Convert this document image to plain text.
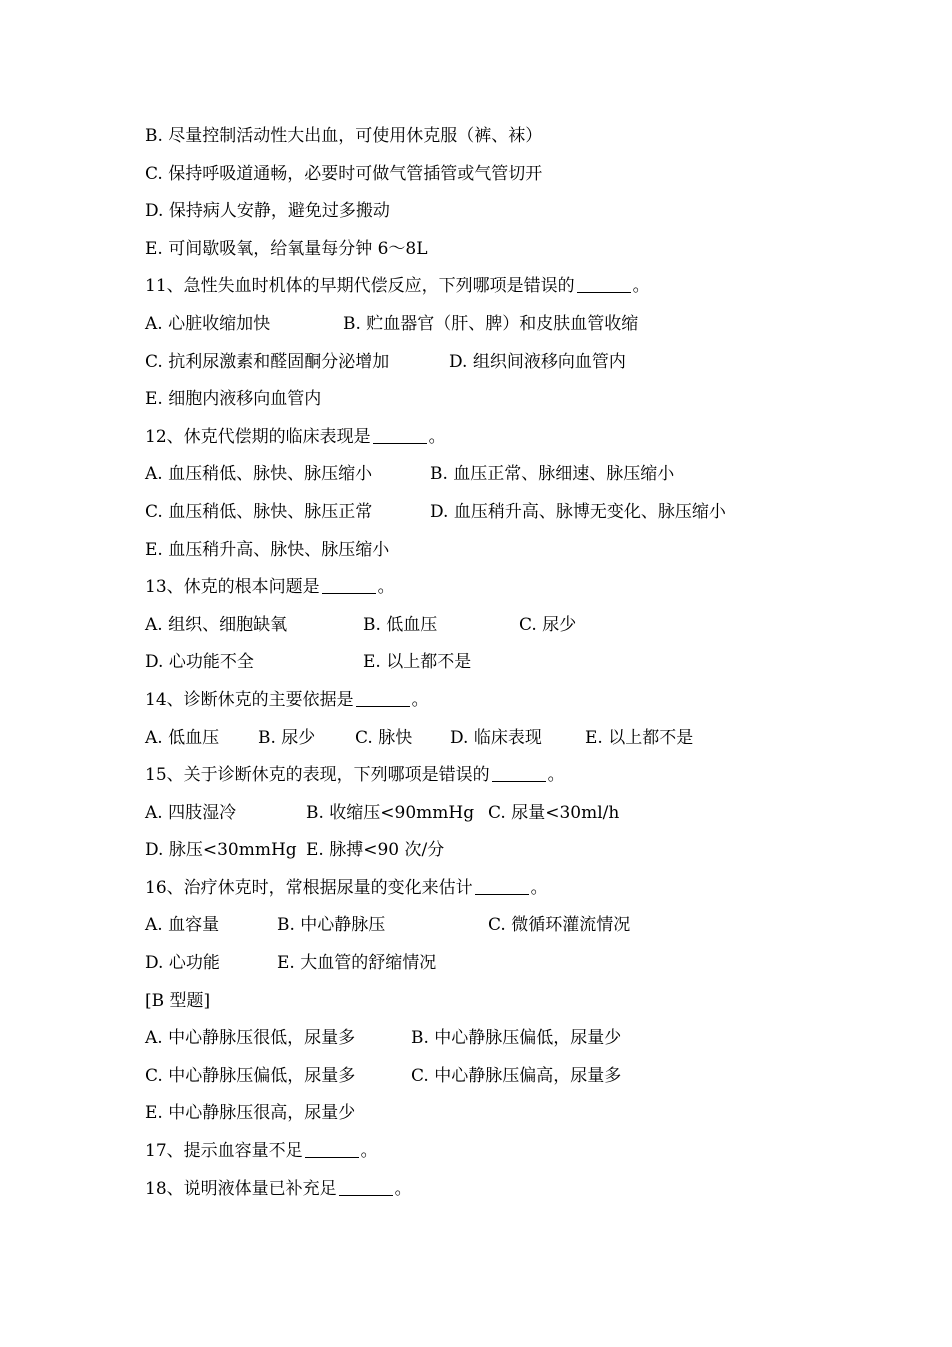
B. 尽量控制活动性大出血，可使用休克服（裤、袜）
C. 保持呼吸道通畅，必要时可做气管插管或气管切开
D. 保持病人安静，避免过多搬动
E. 可间歇吸氧，给氧量每分钟 6～8L
11、急性失血时机体的早期代偿反应，下列哪项是错误的	。
A. 心脏收缩加快	B. 贮血器官（肝、脾）和皮肤血管收缩
C. 抗利尿激素和醛固酮分泌增加	D. 组织间液移向血管内
E. 细胞内液移向血管内
12、休克代偿期的临床表现是	。
A. 血压稍低、脉快、脉压缩小	B. 血压正常、脉细速、脉压缩小
C. 血压稍低、脉快、脉压正常	D. 血压稍升高、脉博无变化、脉压缩小
E. 血压稍升高、脉快、脉压缩小
13、休克的根本问题是	。
A. 组织、细胞缺氧	B. 低血压	C. 尿少
D. 心功能不全	E. 以上都不是
14、诊断休克的主要依据是	。
A. 低血压 B. 尿少 C. 脉快 D. 临床表现	E. 以上都不是
15、关于诊断休克的表现，下列哪项是错误的	。
A. 四肢湿冷	B. 收缩压<90mmHg C. 尿量<30ml/h
D. 脉压<30mmHg E. 脉搏<90 次/分
16、治疗休克时，常根据尿量的变化来估计	。
A. 血容量	B. 中心静脉压	C. 微循环灌流情况
D. 心功能	E. 大血管的舒缩情况
[B 型题]
A. 中心静脉压很低，尿量多	B. 中心静脉压偏低，尿量少
C. 中心静脉压偏低，尿量多	C. 中心静脉压偏高，尿量多
E. 中心静脉压很高，尿量少
17、提示血容量不足	。
18、说明液体量已补充足	。
